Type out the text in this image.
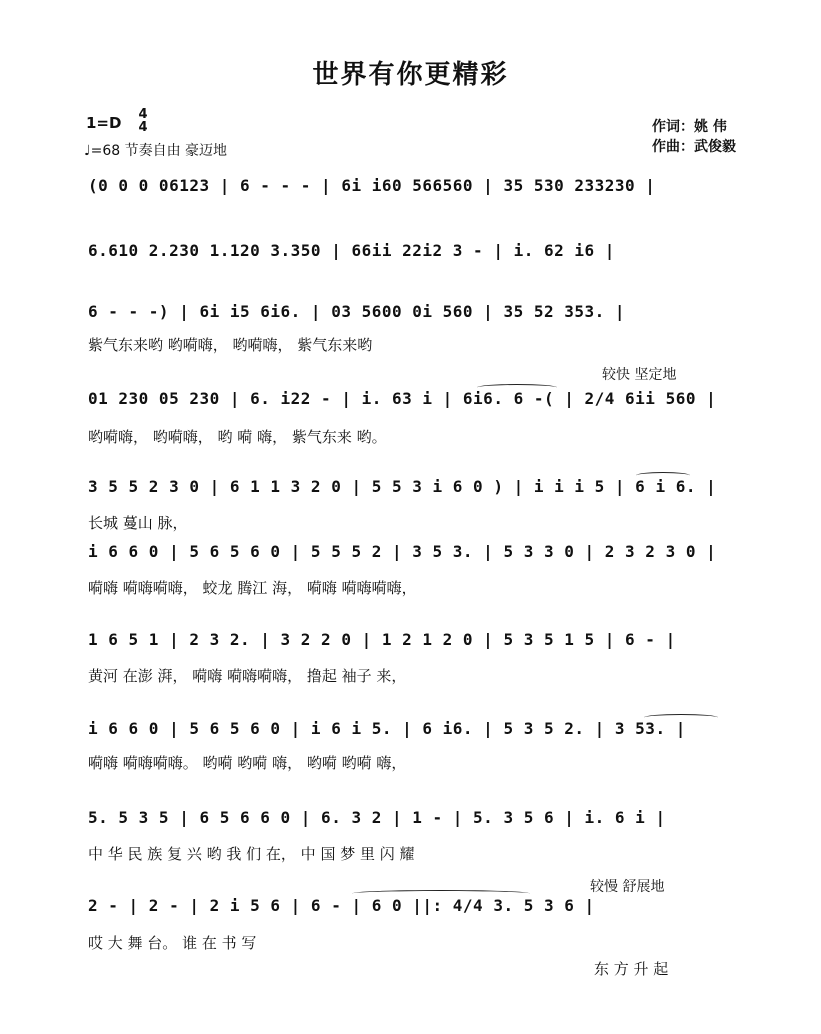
世界有你更精彩
1=D 4
4
♩=68 节奏自由 豪迈地
作词：姚 伟
作曲：武俊毅
较快 坚定地
较慢 舒展地
(0 0 0 06123 | 6 - - - | 6i i60 566560 | 35 530 233230 |
6.610 2.230 1.120 3.350 | 66ii 22i2 3 - | i. 62 i6 |
6 - - -) | 6i i5 6i6. | 03 5600 0i 560 | 35 52 353. |
01 230 05 230 | 6. i22 - | i. 63 i | 6i6. 6 -( | 2/4 6ii 560 |
3 5 5 2 3 0 | 6 1 1 3 2 0 | 5 5 3 i 6 0 ) | i i i 5 | 6 i 6. |
i 6 6 0 | 5 6 5 6 0 | 5 5 5 2 | 3 5 3. | 5 3 3 0 | 2 3 2 3 0 |
1 6 5 1 | 2 3 2. | 3 2 2 0 | 1 2 1 2 0 | 5 3 5 1 5 | 6 - |
i 6 6 0 | 5 6 5 6 0 | i 6 i 5. | 6 i6. | 5 3 5 2. | 3 53. |
5. 5 3 5 | 6 5 6 6 0 | 6. 3 2 | 1 - | 5. 3 5 6 | i. 6 i |
2 - | 2 - | 2 i 5 6 | 6 - | 6 0 ||: 4/4 3. 5 3 6 |
紫气东来哟 哟嗬嗨， 哟嗬嗨， 紫气东来哟
哟嗬嗨， 哟嗬嗨， 哟 嗬 嗨， 紫气东来 哟。
长城 蔓山 脉，
嗬嗨 嗬嗨嗬嗨， 蛟龙 腾江 海， 嗬嗨 嗬嗨嗬嗨，
黄河 在澎 湃， 嗬嗨 嗬嗨嗬嗨， 撸起 袖子 来，
嗬嗨 嗬嗨嗬嗨。 哟嗬 哟嗬 嗨， 哟嗬 哟嗬 嗨，
中 华 民 族 复 兴 哟 我 们 在， 中 国 梦 里 闪 耀
哎 大 舞 台。 谁 在 书 写
东 方 升 起
